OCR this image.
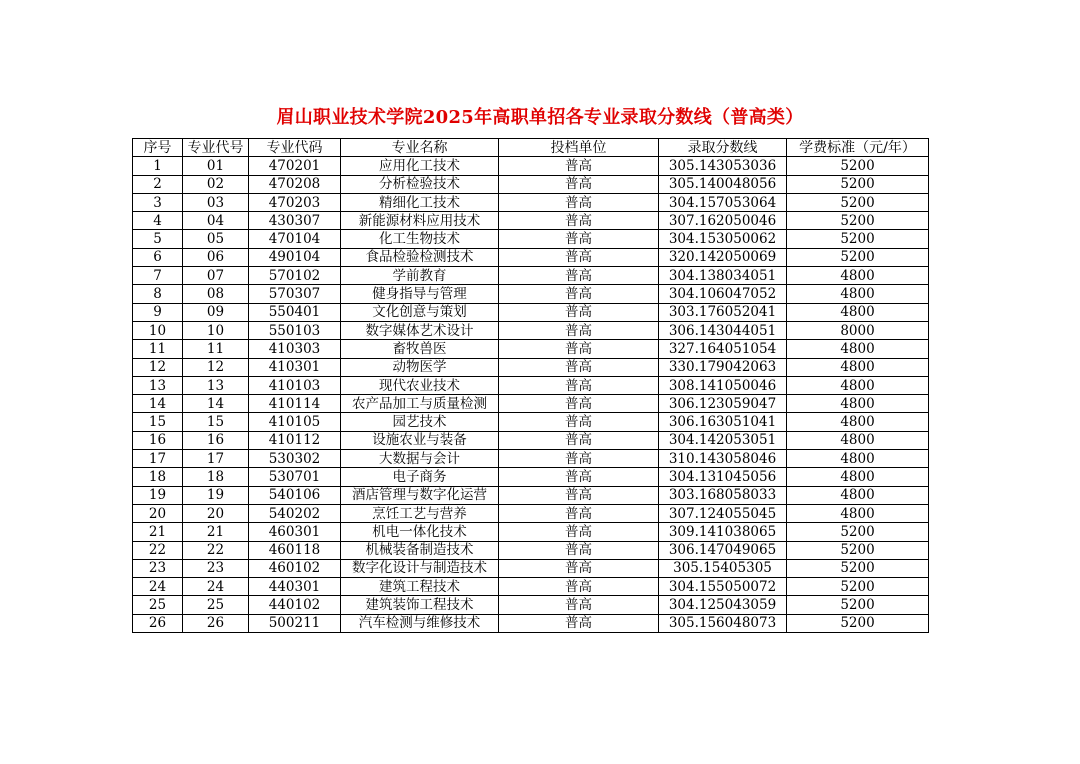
眉山职业技术学院2025年高职单招各专业录取分数线（普高类）
序号	专业代号	专业代码	专业名称	投档单位	录取分数线	学费标准（元/年）
1	01	470201	应用化工技术	普高	305.143053036	5200
2	02	470208	分析检验技术	普高	305.140048056	5200
3	03	470203	精细化工技术	普高	304.157053064	5200
4	04	430307	新能源材料应用技术	普高	307.162050046	5200
5	05	470104	化工生物技术	普高	304.153050062	5200
6	06	490104	食品检验检测技术	普高	320.142050069	5200
7	07	570102	学前教育	普高	304.138034051	4800
8	08	570307	健身指导与管理	普高	304.106047052	4800
9	09	550401	文化创意与策划	普高	303.176052041	4800
10	10	550103	数字媒体艺术设计	普高	306.143044051	8000
11	11	410303	畜牧兽医	普高	327.164051054	4800
12	12	410301	动物医学	普高	330.179042063	4800
13	13	410103	现代农业技术	普高	308.141050046	4800
14	14	410114	农产品加工与质量检测	普高	306.123059047	4800
15	15	410105	园艺技术	普高	306.163051041	4800
16	16	410112	设施农业与装备	普高	304.142053051	4800
17	17	530302	大数据与会计	普高	310.143058046	4800
18	18	530701	电子商务	普高	304.131045056	4800
19	19	540106	酒店管理与数字化运营	普高	303.168058033	4800
20	20	540202	烹饪工艺与营养	普高	307.124055045	4800
21	21	460301	机电一体化技术	普高	309.141038065	5200
22	22	460118	机械装备制造技术	普高	306.147049065	5200
23	23	460102	数字化设计与制造技术	普高	305.15405305	5200
24	24	440301	建筑工程技术	普高	304.155050072	5200
25	25	440102	建筑装饰工程技术	普高	304.125043059	5200
26	26	500211	汽车检测与维修技术	普高	305.156048073	5200
